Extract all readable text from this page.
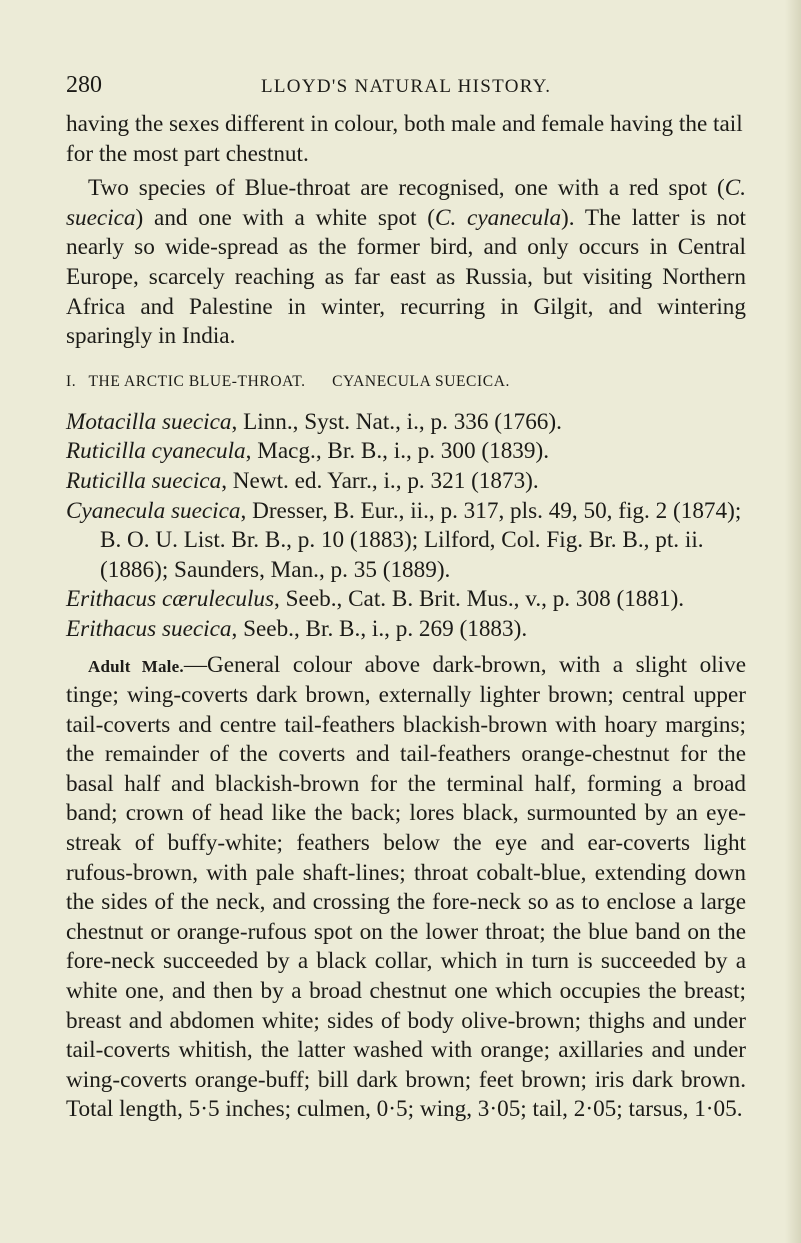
280	LLOYD'S NATURAL HISTORY.

having the sexes different in colour, both male and female having the tail for the most part chestnut.

Two species of Blue-throat are recognised, one with a red spot (C. suecica) and one with a white spot (C. cyanecula). The latter is not nearly so wide-spread as the former bird, and only occurs in Central Europe, scarcely reaching as far east as Russia, but visiting Northern Africa and Palestine in winter, recurring in Gilgit, and wintering sparingly in India.

I. THE ARCTIC BLUE-THROAT. CYANECULA SUECICA.
Motacilla suecica, Linn., Syst. Nat., i., p. 336 (1766).
Ruticilla cyanecula, Macg., Br. B., i., p. 300 (1839).
Ruticilla suecica, Newt. ed. Yarr., i., p. 321 (1873).
Cyanecula suecica, Dresser, B. Eur., ii., p. 317, pls. 49, 50, fig. 2 (1874); B. O. U. List. Br. B., p. 10 (1883); Lilford, Col. Fig. Br. B., pt. ii. (1886); Saunders, Man., p. 35 (1889).
Erithacus cæruleculus, Seeb., Cat. B. Brit. Mus., v., p. 308 (1881).
Erithacus suecica, Seeb., Br. B., i., p. 269 (1883).

Adult Male.—General colour above dark-brown, with a slight olive tinge; wing-coverts dark brown, externally lighter brown; central upper tail-coverts and centre tail-feathers blackish-brown with hoary margins; the remainder of the coverts and tail-feathers orange-chestnut for the basal half and blackish-brown for the terminal half, forming a broad band; crown of head like the back; lores black, surmounted by an eye-streak of buffy-white; feathers below the eye and ear-coverts light rufous-brown, with pale shaft-lines; throat cobalt-blue, extending down the sides of the neck, and crossing the fore-neck so as to enclose a large chestnut or orange-rufous spot on the lower throat; the blue band on the fore-neck succeeded by a black collar, which in turn is succeeded by a white one, and then by a broad chestnut one which occupies the breast; breast and abdomen white; sides of body olive-brown; thighs and under tail-coverts whitish, the latter washed with orange; axillaries and under wing-coverts orange-buff; bill dark brown; feet brown; iris dark brown. Total length, 5·5 inches; culmen, 0·5; wing, 3·05; tail, 2·05; tarsus, 1·05.
